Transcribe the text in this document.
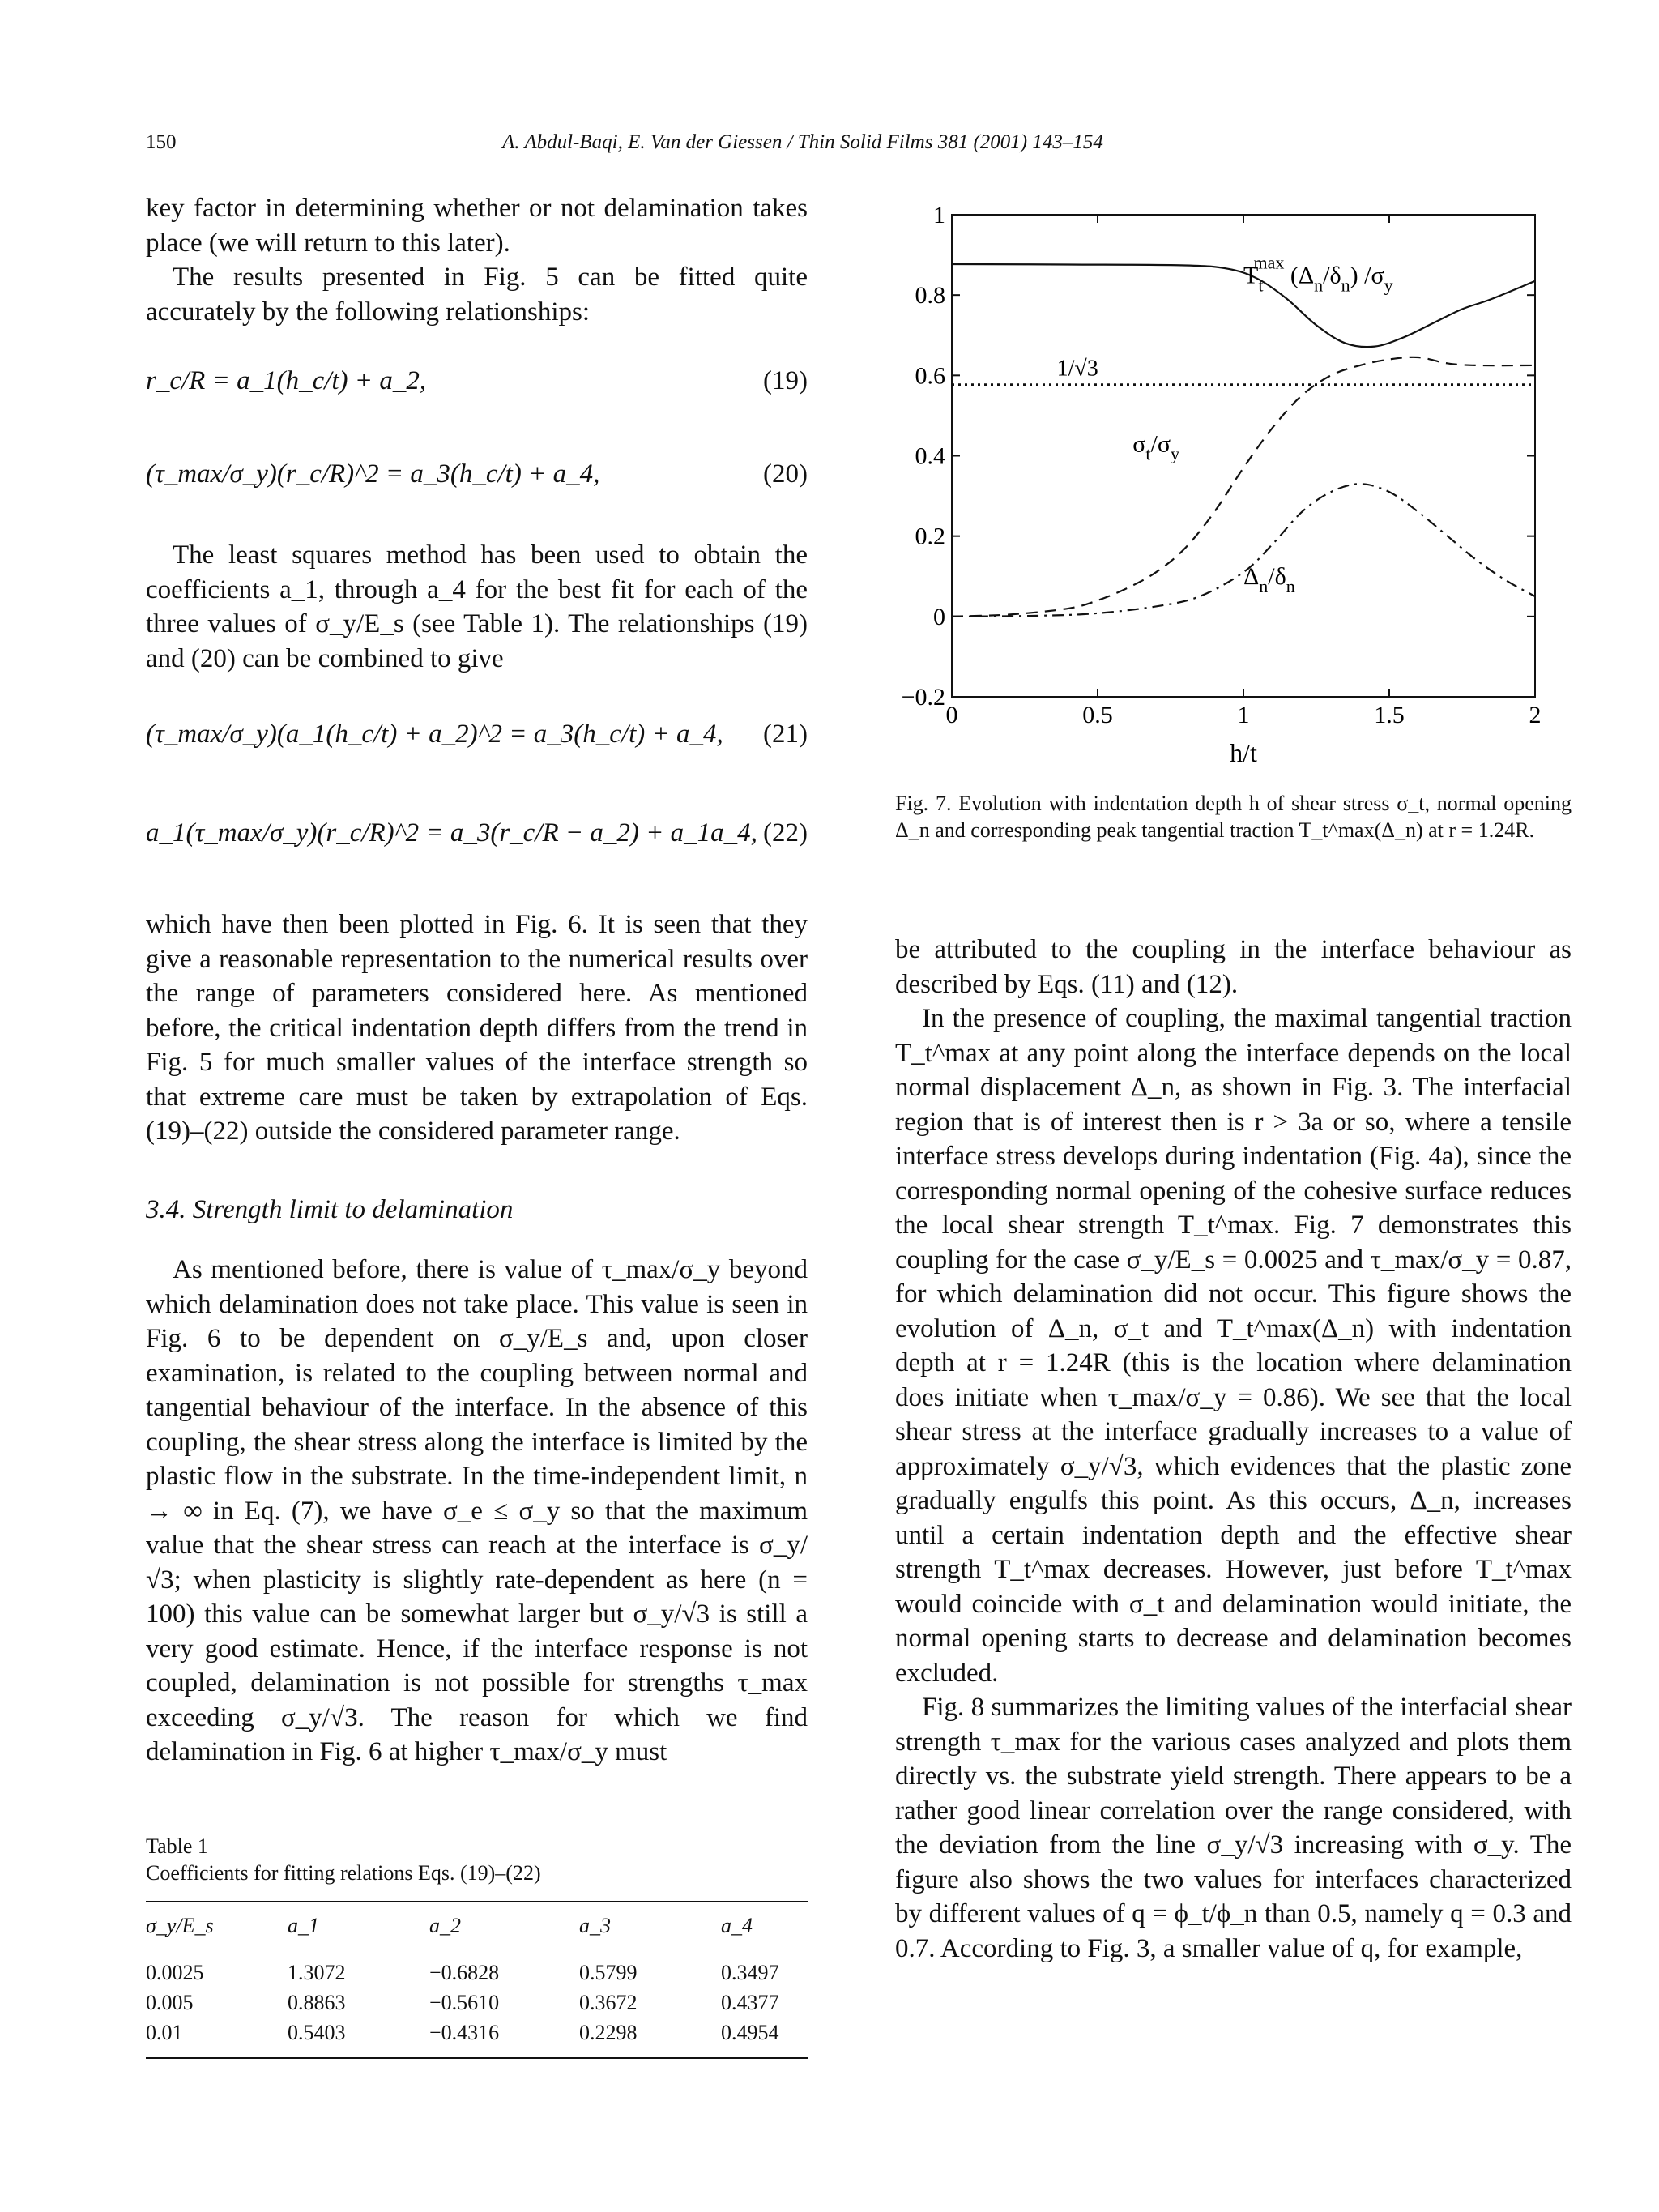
150	A. Abdul-Baqi, E. Van der Giessen / Thin Solid Films 381 (2001) 143–154

key factor in determining whether or not delamination takes place (we will return to this later).

The results presented in Fig. 5 can be fitted quite accurately by the following relationships:

r_c/R = a_1(h_c/t) + a_2,	(19)
(τ_max/σ_y)(r_c/R)^2 = a_3(h_c/t) + a_4,	(20)
The least squares method has been used to obtain the coefficients a_1, through a_4 for the best fit for each of the three values of σ_y/E_s (see Table 1). The relationships (19) and (20) can be combined to give
(τ_max/σ_y)(a_1(h_c/t) + a_2)^2 = a_3(h_c/t) + a_4, (21)
a_1(τ_max/σ_y)(r_c/R)^2 = a_3(r_c/R − a_2) + a_1a_4, (22)
which have then been plotted in Fig. 6. It is seen that they give a reasonable representation to the numerical results over the range of parameters considered here. As mentioned before, the critical indentation depth differs from the trend in Fig. 5 for much smaller values of the interface strength so that extreme care must be taken by extrapolation of Eqs. (19)–(22) outside the considered parameter range.
3.4. Strength limit to delamination
As mentioned before, there is value of τ_max/σ_y beyond which delamination does not take place. This value is seen in Fig. 6 to be dependent on σ_y/E_s and, upon closer examination, is related to the coupling between normal and tangential behaviour of the interface. In the absence of this coupling, the shear stress along the interface is limited by the plastic flow in the substrate. In the time-independent limit, n → ∞ in Eq. (7), we have σ_e ≤ σ_y so that the maximum value that the shear stress can reach at the interface is σ_y/√3; when plasticity is slightly rate-dependent as here (n = 100) this value can be somewhat larger but σ_y/√3 is still a very good estimate. Hence, if the interface response is not coupled, delamination is not possible for strengths τ_max exceeding σ_y/√3. The reason for which we find delamination in Fig. 6 at higher τ_max/σ_y must
Table 1
Coefficients for fitting relations Eqs. (19)–(22)
σ_y/E_s	a_1	a_2	a_3	a_4
0.0025	1.3072	−0.6828	0.5799	0.3497
0.005	0.8863	−0.5610	0.3672	0.4377
0.01	0.5403	−0.4316	0.2298	0.4954
0	0.5	1	1.5	2
−0.2
0
0.2
0.4
0.6
0.8
1
h/t
$T_t\max$ $(\Delta_n/\delta_n)$ $/\sigma_y$
1/√3
$\sigma_t/\sigma_y$
$\Delta_n/\delta_n$
Fig. 7. Evolution with indentation depth h of shear stress σ_t, normal opening Δ_n and corresponding peak tangential traction T_t^max(Δ_n) at r = 1.24R.

be attributed to the coupling in the interface behaviour as described by Eqs. (11) and (12).

In the presence of coupling, the maximal tangential traction T_t^max at any point along the interface depends on the local normal displacement Δ_n, as shown in Fig. 3. The interfacial region that is of interest then is r > 3a or so, where a tensile interface stress develops during indentation (Fig. 4a), since the corresponding normal opening of the cohesive surface reduces the local shear strength T_t^max. Fig. 7 demonstrates this coupling for the case σ_y/E_s = 0.0025 and τ_max/σ_y = 0.87, for which delamination did not occur. This figure shows the evolution of Δ_n, σ_t and T_t^max(Δ_n) with indentation depth at r = 1.24R (this is the location where delamination does initiate when τ_max/σ_y = 0.86). We see that the local shear stress at the interface gradually increases to a value of approximately σ_y/√3, which evidences that the plastic zone gradually engulfs this point. As this occurs, Δ_n, increases until a certain indentation depth and the effective shear strength T_t^max decreases. However, just before T_t^max would coincide with σ_t and delamination would initiate, the normal opening starts to decrease and delamination becomes excluded.

Fig. 8 summarizes the limiting values of the interfacial shear strength τ_max for the various cases analyzed and plots them directly vs. the substrate yield strength. There appears to be a rather good linear correlation over the range considered, with the deviation from the line σ_y/√3 increasing with σ_y. The figure also shows the two values for interfaces characterized by different values of q = ϕ_t/ϕ_n than 0.5, namely q = 0.3 and 0.7. According to Fig. 3, a smaller value of q, for example,
